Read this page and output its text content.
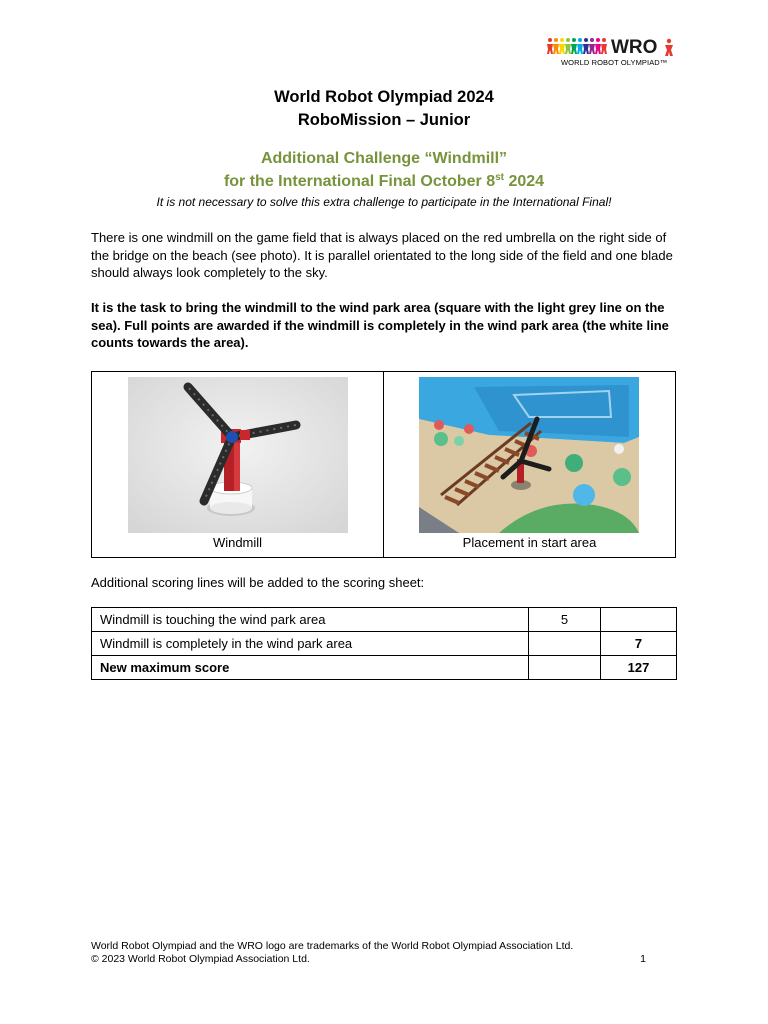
WRO
WORLD ROBOT OLYMPIAD™
World Robot Olympiad 2024
RoboMission – Junior
Additional Challenge “Windmill”
for the International Final October 8st 2024
It is not necessary to solve this extra challenge to participate in the International Final!
There is one windmill on the game field that is always placed on the red umbrella on the right side of the bridge on the beach (see photo). It is parallel orientated to the long side of the field and one blade should always look completely to the sky.
It is the task to bring the windmill to the wind park area (square with the light grey line on the sea). Full points are awarded if the windmill is completely in the wind park area (the white line counts towards the area).
Windmill	Placement in start area
Additional scoring lines will be added to the scoring sheet:
Windmill is touching the wind park area	5	
Windmill is completely in the wind park area		7
New maximum score		127
World Robot Olympiad and the WRO logo are trademarks of the World Robot Olympiad Association Ltd.
© 2023 World Robot Olympiad Association Ltd.	1
